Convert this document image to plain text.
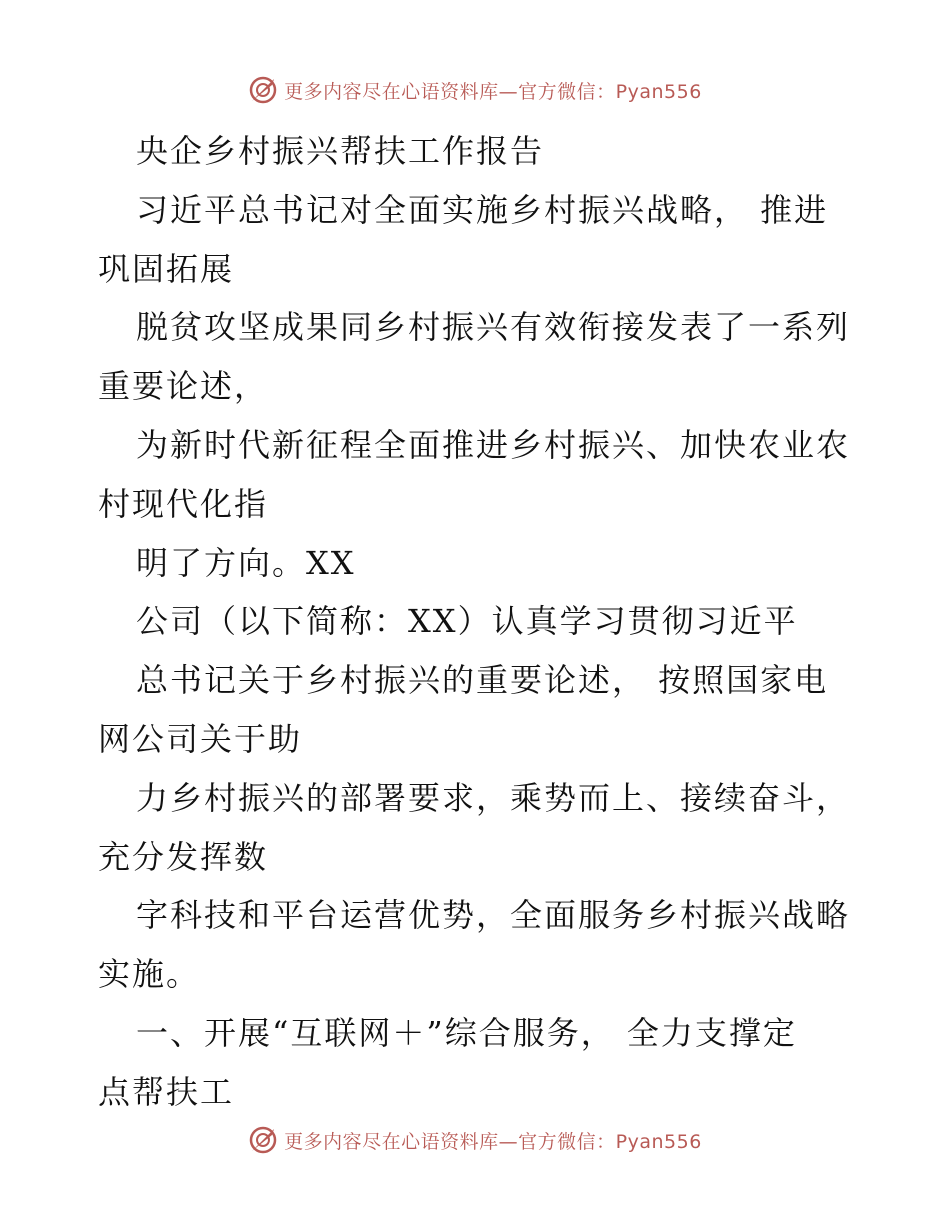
更多内容尽在心语资料库—官方微信：Pyan556
央企乡村振兴帮扶工作报告
习近平总书记对全面实施乡村振兴战略， 推进
巩固拓展
脱贫攻坚成果同乡村振兴有效衔接发表了一系列
重要论述，
为新时代新征程全面推进乡村振兴、加快农业农
村现代化指
明了方向。XX
公司（以下简称：XX）认真学习贯彻习近平
总书记关于乡村振兴的重要论述， 按照国家电
网公司关于助
力乡村振兴的部署要求，乘势而上、接续奋斗，
充分发挥数
字科技和平台运营优势，全面服务乡村振兴战略
实施。
一、开展“互联网＋”综合服务， 全力支撑定
点帮扶工
更多内容尽在心语资料库—官方微信：Pyan556
